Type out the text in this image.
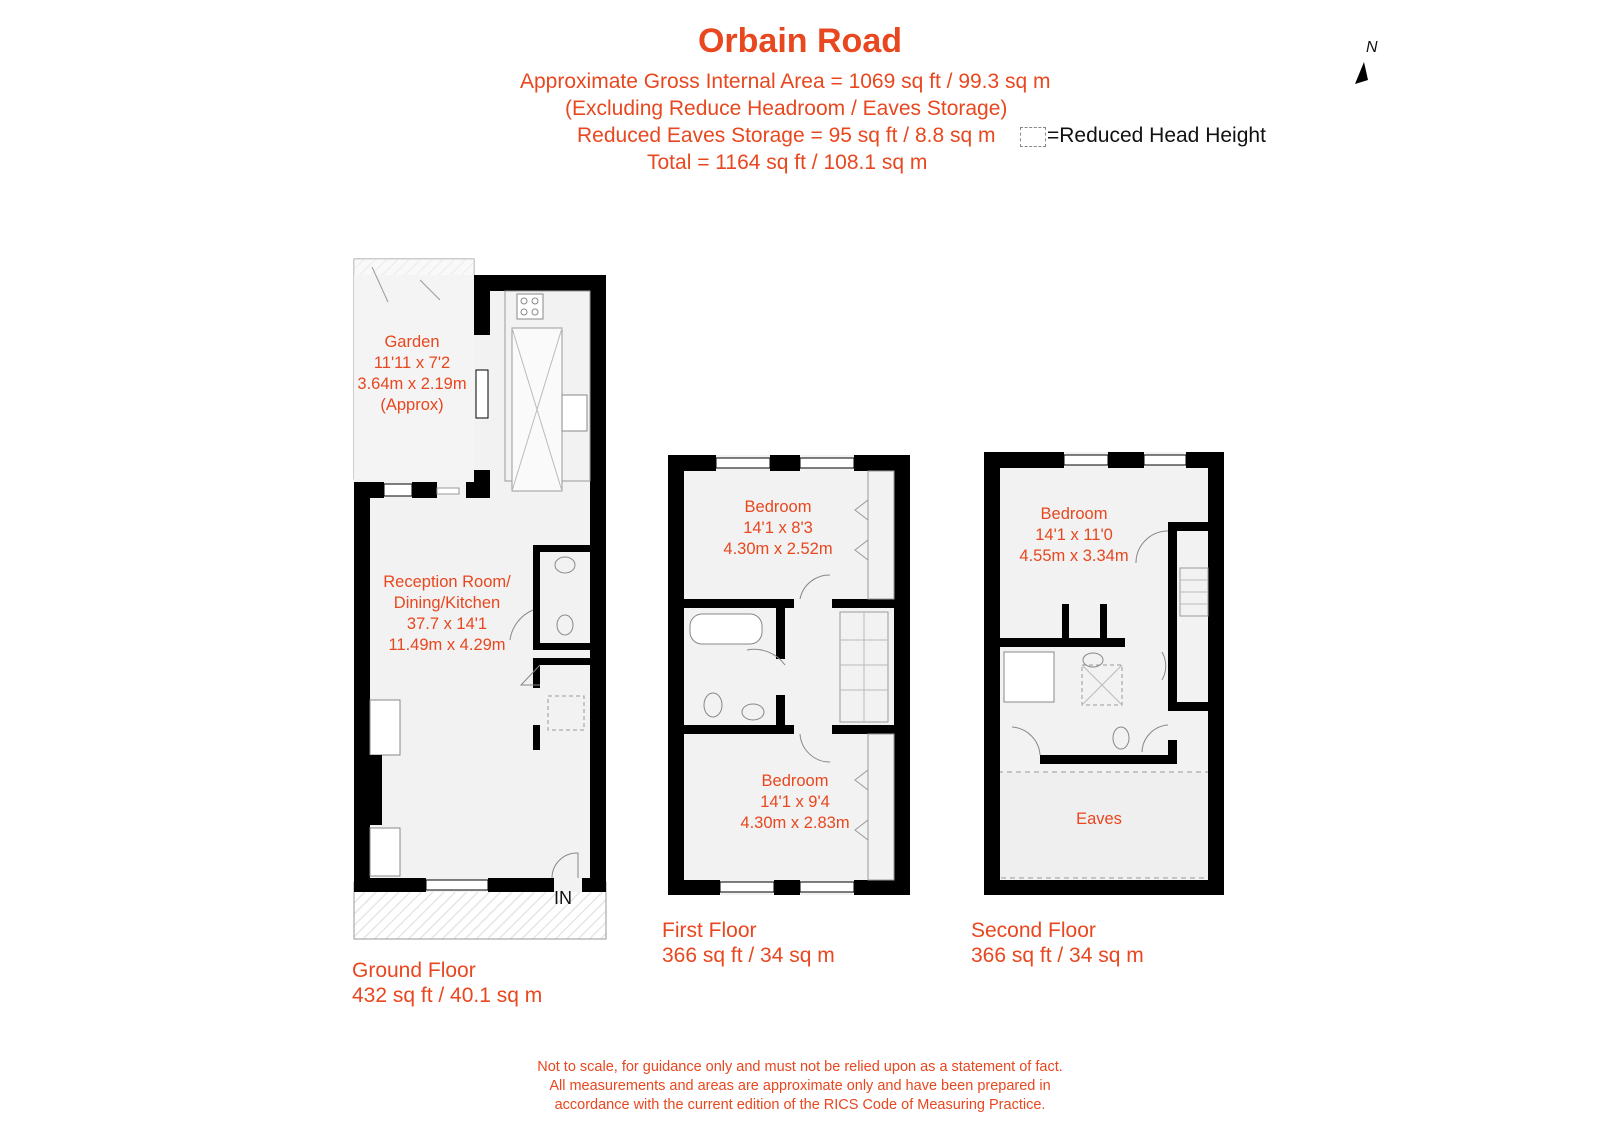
Orbain Road
Approximate Gross Internal Area = 1069 sq ft / 99.3 sq m
(Excluding Reduce Headroom / Eaves Storage)
Reduced Eaves Storage = 95 sq ft / 8.8 sq m =Reduced Head Height
Total = 1164 sq ft / 108.1 sq m
Ground Floor
432 sq ft / 40.1 sq m
First Floor
366 sq ft / 34 sq m
Second Floor
366 sq ft / 34 sq m
N
Garden
11'11 x 7'2
3.64m x 2.19m
(Approx)
Reception Room/
Dining/Kitchen
37.7 x 14'1
11.49m x 4.29m
IN
Bedroom
14'1 x 8'3
4.30m x 2.52m
Bedroom
14'1 x 9'4
4.30m x 2.83m
Bedroom
14'1 x 11'0
4.55m x 3.34m
Eaves
Not to scale, for guidance only and must not be relied upon as a statement of fact.
All measurements and areas are approximate only and have been prepared in
accordance with the current edition of the RICS Code of Measuring Practice.
